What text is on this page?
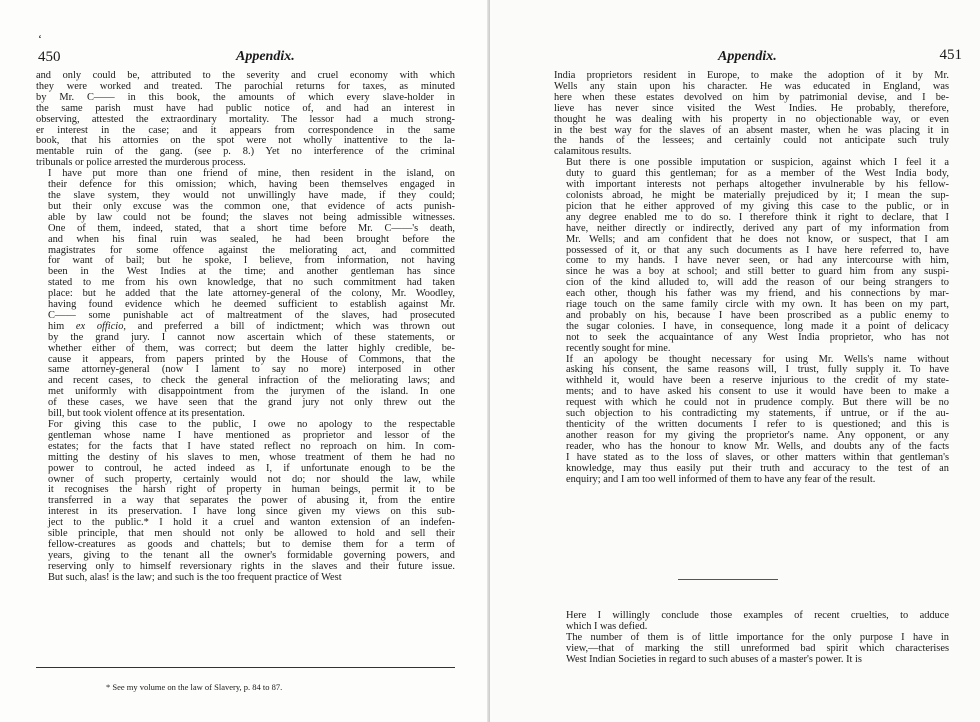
‘
450	Appendix.

and only could be, attributed to the severity and cruel economy with which
they were worked and treated. The parochial returns for taxes, as minuted
by Mr. C—— in this book, the amounts of which every slave-holder in
the same parish must have had public notice of, and had an interest in
observing, attested the extraordinary mortality. The lessor had a much strong-
er interest in the case; and it appears from correspondence in the same
book, that his attornies on the spot were not wholly inattentive to the la-
mentable ruin of the gang. (see p. 8.) Yet no interference of the criminal
tribunals or police arrested the murderous process.

I have put more than one friend of mine, then resident in the island, on
their defence for this omission; which, having been themselves engaged in
the slave system, they would not unwillingly have made, if they could;
but their only excuse was the common one, that evidence of acts punish-
able by law could not be found; the slaves not being admissible witnesses.
One of them, indeed, stated, that a short time before Mr. C——'s death,
and when his final ruin was sealed, he had been brought before the
magistrates for some offence against the meliorating act, and committed
for want of bail; but he spoke, I believe, from information, not having
been in the West Indies at the time; and another gentleman has since
stated to me from his own knowledge, that no such commitment had taken
place: but he added that the late attorney-general of the colony, Mr. Woodley,
having found evidence which he deemed sufficient to establish against Mr.
C—— some punishable act of maltreatment of the slaves, had prosecuted
him ex officio, and preferred a bill of indictment; which was thrown out
by the grand jury. I cannot now ascertain which of these statements, or
whether either of them, was correct; but deem the latter highly credible, be-
cause it appears, from papers printed by the House of Commons, that the
same attorney-general (now I lament to say no more) interposed in other
and recent cases, to check the general infraction of the meliorating laws; and
met uniformly with disappointment from the jurymen of the island. In one
of these cases, we have seen that the grand jury not only threw out the
bill, but took violent offence at its presentation.

For giving this case to the public, I owe no apology to the respectable
gentleman whose name I have mentioned as proprietor and lessor of the
estates; for the facts that I have stated reflect no reproach on him. In com-
mitting the destiny of his slaves to men, whose treatment of them he had no
power to controul, he acted indeed as I, if unfortunate enough to be the
owner of such property, certainly would not do; nor should the law, while
it recognises the harsh right of property in human beings, permit it to be
transferred in a way that separates the power of abusing it, from the entire
interest in its preservation. I have long since given my views on this sub-
ject to the public.* I hold it a cruel and wanton extension of an indefen-
sible principle, that men should not only be allowed to hold and sell their
fellow-creatures as goods and chattels; but to demise them for a term of
years, giving to the tenant all the owner's formidable governing powers, and
reserving only to himself reversionary rights in the slaves and their future issue.
But such, alas! is the law; and such is the too frequent practice of West

* See my volume on the law of Slavery, p. 84 to 87.
Appendix.	451

India proprietors resident in Europe, to make the adoption of it by Mr.
Wells any stain upon his character. He was educated in England, was
here when these estates devolved on him by patrimonial devise, and I be-
lieve has never since visited the West Indies. He probably, therefore,
thought he was dealing with his property in no objectionable way, or even
in the best way for the slaves of an absent master, when he was placing it in
the hands of the lessees; and certainly could not anticipate such truly
calamitous results.

But there is one possible imputation or suspicion, against which I feel it a
duty to guard this gentleman; for as a member of the West India body,
with important interests not perhaps altogether invulnerable by his fellow-
colonists abroad, he might be materially prejudiced by it; I mean the sup-
picion that he either approved of my giving this case to the public, or in
any degree enabled me to do so. I therefore think it right to declare, that I
have, neither directly or indirectly, derived any part of my information from
Mr. Wells; and am confident that he does not know, or suspect, that I am
possessed of it, or that any such documents as I have here referred to, have
come to my hands. I have never seen, or had any intercourse with him,
since he was a boy at school; and still better to guard him from any suspi-
cion of the kind alluded to, will add the reason of our being strangers to
each other, though his father was my friend, and his connections by mar-
riage touch on the same family circle with my own. It has been on my part,
and probably on his, because I have been proscribed as a public enemy to
the sugar colonies. I have, in consequence, long made it a point of delicacy
not to seek the acquaintance of any West India proprietor, who has not
recently sought for mine.

If an apology be thought necessary for using Mr. Wells's name without
asking his consent, the same reasons will, I trust, fully supply it. To have
withheld it, would have been a reserve injurious to the credit of my state-
ments; and to have asked his consent to use it would have been to make a
request with which he could not in prudence comply. But there will be no
such objection to his contradicting my statements, if untrue, or if the au-
thenticity of the written documents I refer to is questioned; and this is
another reason for my giving the proprietor's name. Any opponent, or any
reader, who has the honour to know Mr. Wells, and doubts any of the facts
I have stated as to the loss of slaves, or other matters within that gentleman's
knowledge, may thus easily put their truth and accuracy to the test of an
enquiry; and I am too well informed of them to have any fear of the result.

Here I willingly conclude those examples of recent cruelties, to adduce
which I was defied.

The number of them is of little importance for the only purpose I have in
view,—that of marking the still unreformed bad spirit which characterises
West Indian Societies in regard to such abuses of a master's power. It is
